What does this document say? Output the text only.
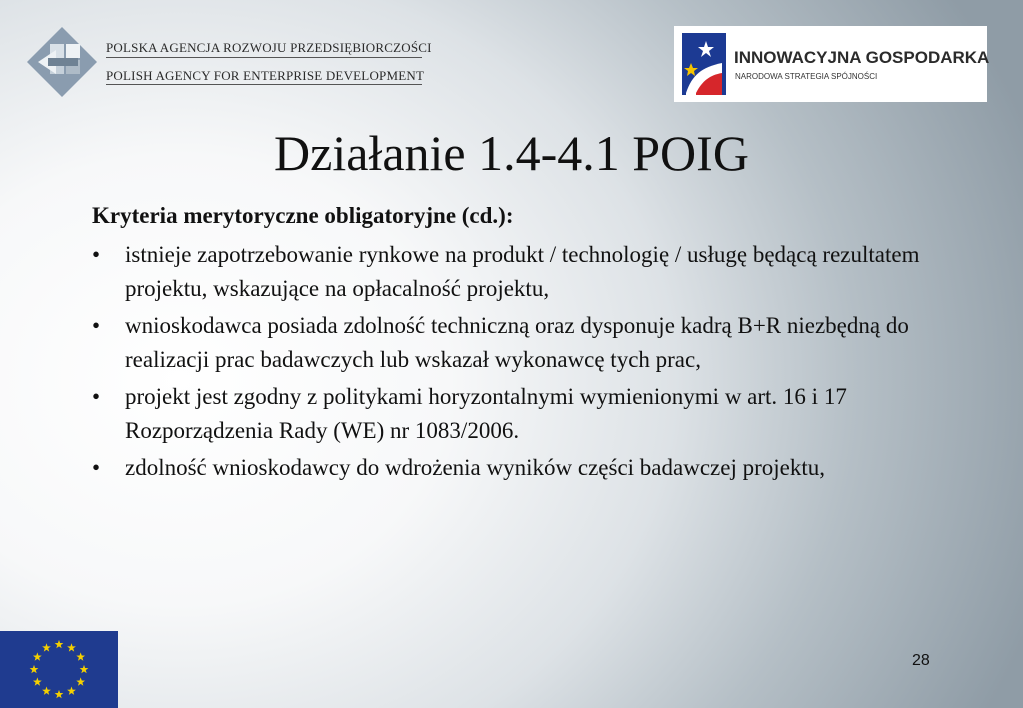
POLSKA AGENCJA ROZWOJU PRZEDSIĘBIORCZOŚCI
POLISH AGENCY FOR ENTERPRISE DEVELOPMENT
INNOWACYJNA GOSPODARKA
NARODOWA STRATEGIA SPÓJNOŚCI
Działanie 1.4-4.1 POIG
Kryteria merytoryczne obligatoryjne (cd.):
• istnieje zapotrzebowanie rynkowe na produkt / technologię / usługę będącą rezultatem projektu, wskazujące na opłacalność projektu,
• wnioskodawca posiada zdolność techniczną oraz dysponuje kadrą B+R niezbędną do realizacji prac badawczych lub wskazał wykonawcę tych prac,
• projekt jest zgodny z politykami horyzontalnymi wymienionymi w art. 16 i 17 Rozporządzenia Rady (WE) nr 1083/2006.
• zdolność wnioskodawcy do wdrożenia wyników części badawczej projektu,
28
